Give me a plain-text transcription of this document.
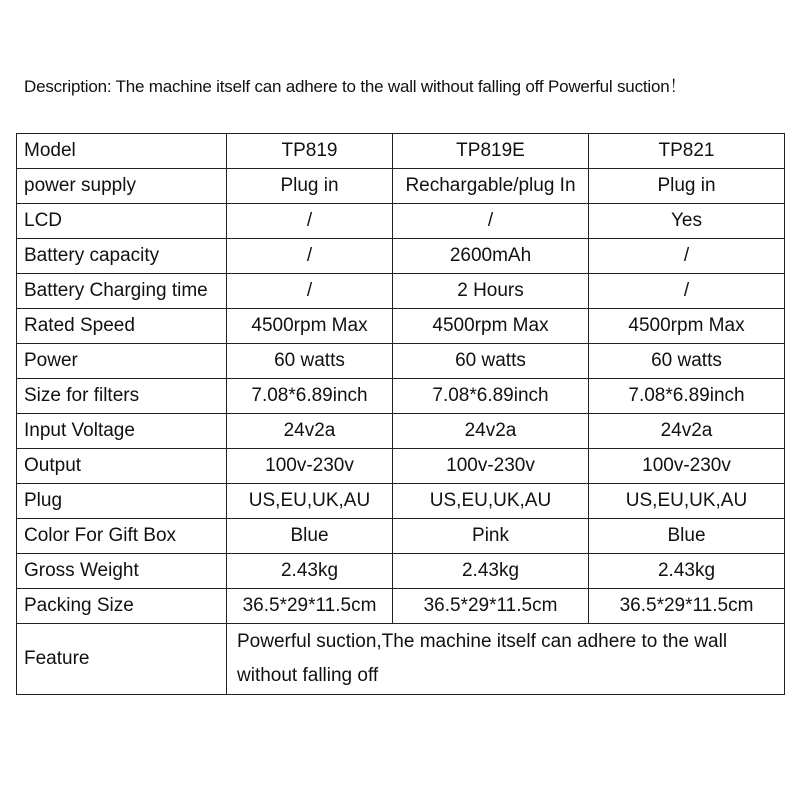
Description: The machine itself can adhere to the wall without falling off Powerful suction！
Model	TP819	TP819E	TP821
power supply	Plug in	Rechargable/plug In	Plug in
LCD	/	/	Yes
Battery capacity	/	2600mAh	/
Battery Charging time	/	2 Hours	/
Rated Speed	4500rpm Max	4500rpm Max	4500rpm Max
Power	60 watts	60 watts	60 watts
Size for filters	7.08*6.89inch	7.08*6.89inch	7.08*6.89inch
Input Voltage	24v2a	24v2a	24v2a
Output	100v-230v	100v-230v	100v-230v
Plug	US,EU,UK,AU	US,EU,UK,AU	US,EU,UK,AU
Color For Gift Box	Blue	Pink	Blue
Gross Weight	2.43kg	2.43kg	2.43kg
Packing Size	36.5*29*11.5cm	36.5*29*11.5cm	36.5*29*11.5cm
Feature	Powerful suction,The machine itself can adhere to the wall without falling off		
